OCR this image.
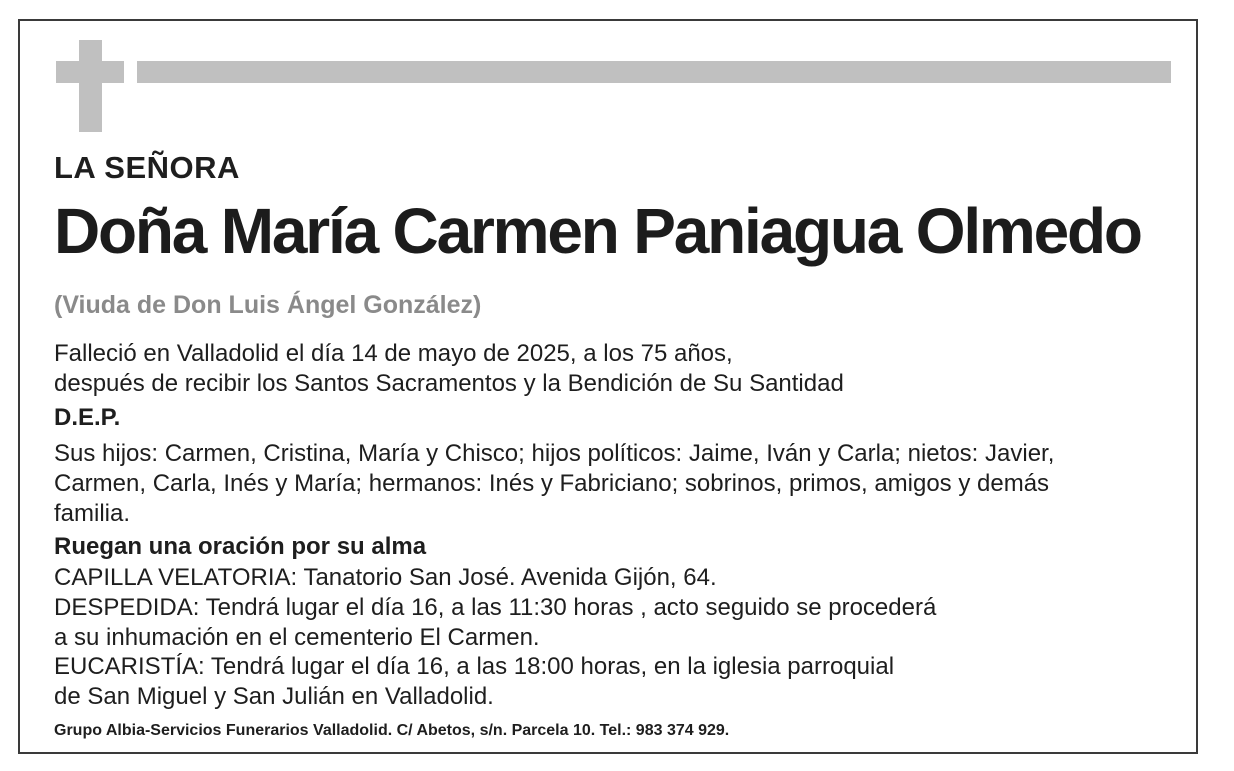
LA SEÑORA

Doña María Carmen Paniagua Olmedo

(Viuda de Don Luis Ángel González)

Falleció en Valladolid el día 14 de mayo de 2025, a los 75 años,

después de recibir los Santos Sacramentos y la Bendición de Su Santidad

D.E.P.

Sus hijos: Carmen, Cristina, María y Chisco; hijos políticos: Jaime, Iván y Carla; nietos: Javier,

Carmen, Carla, Inés y María; hermanos: Inés y Fabriciano; sobrinos, primos, amigos y demás

familia.

Ruegan una oración por su alma

CAPILLA VELATORIA: Tanatorio San José. Avenida Gijón, 64.

DESPEDIDA: Tendrá lugar el día 16, a las 11:30 horas , acto seguido se procederá

a su inhumación en el cementerio El Carmen.

EUCARISTÍA: Tendrá lugar el día 16, a las 18:00 horas, en la iglesia parroquial

de San Miguel y San Julián en Valladolid.

Grupo Albia-Servicios Funerarios Valladolid. C/ Abetos, s/n. Parcela 10. Tel.: 983 374 929.
